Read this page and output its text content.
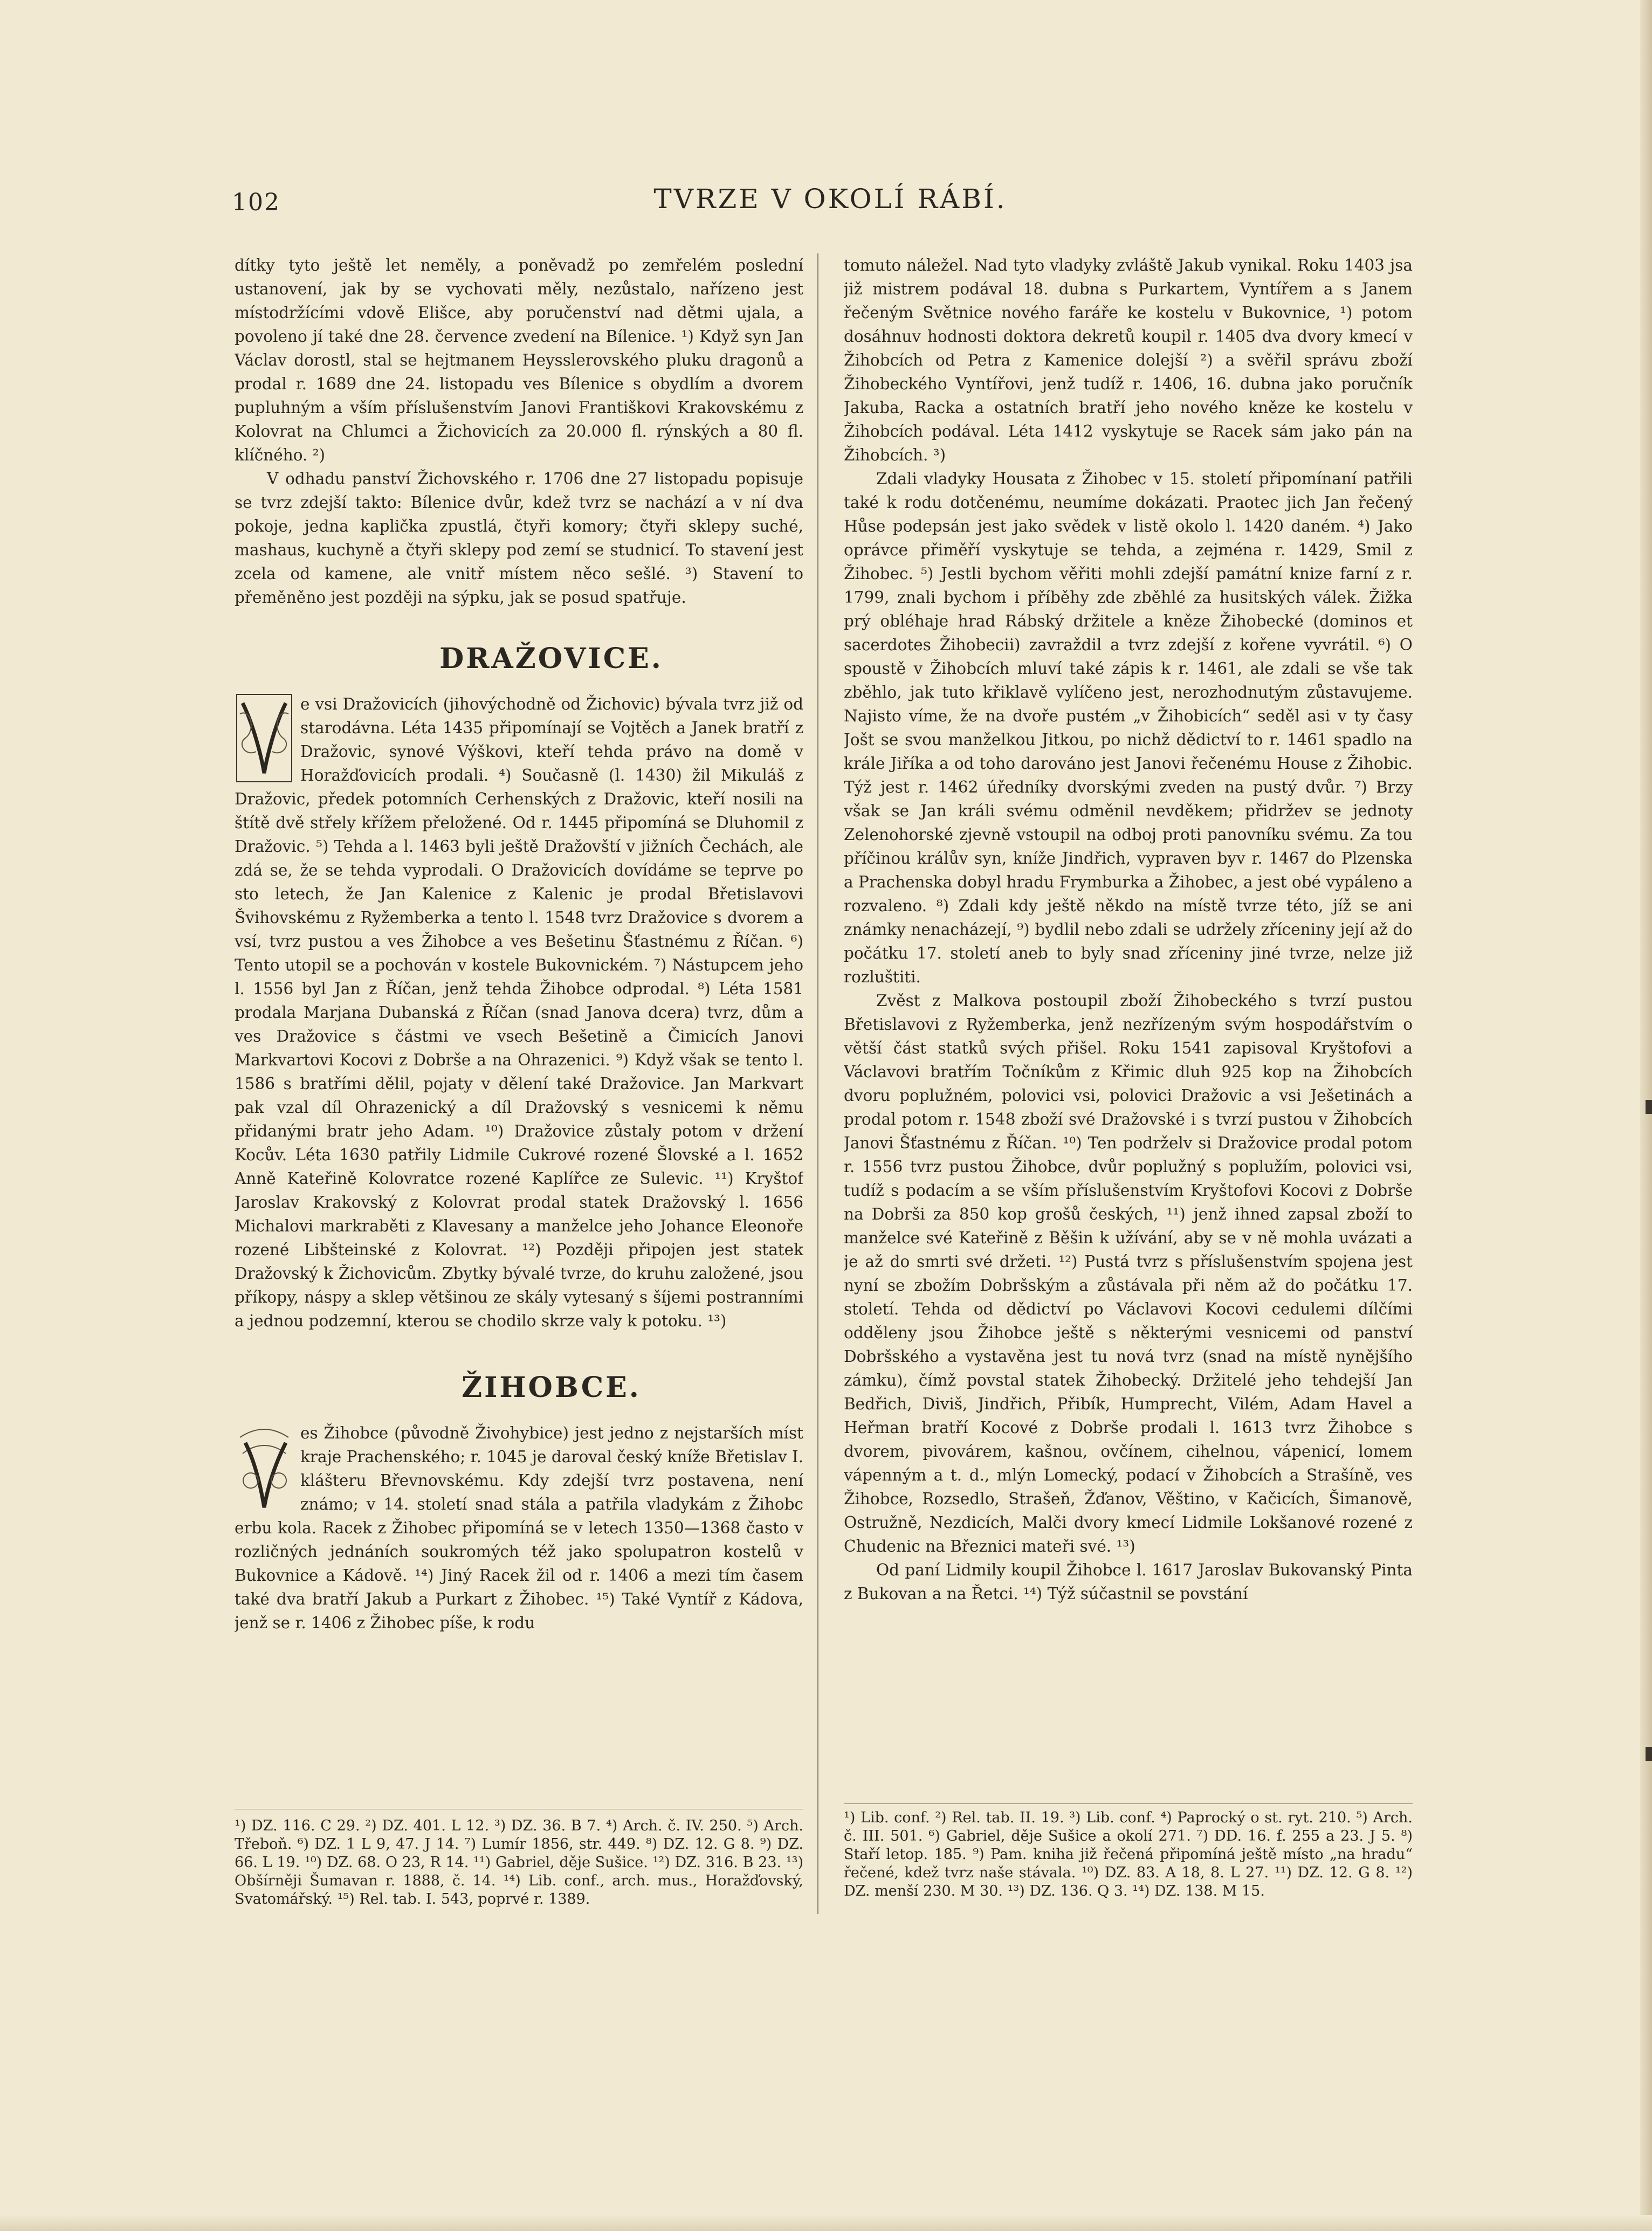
102	TVRZE V OKOLÍ RÁBÍ.

dítky tyto ještě let neměly, a poněvadž po zemřelém poslední ustanovení, jak by se vychovati měly, nezůstalo, nařízeno jest místodržícími vdově Elišce, aby poručenství nad dětmi ujala, a povoleno jí také dne 28. července zvedení na Bílenice. ¹) Když syn Jan Václav dorostl, stal se hejtmanem Heysslerovského pluku dragonů a prodal r. 1689 dne 24. listopadu ves Bílenice s obydlím a dvorem pupluhným a vším příslušenstvím Janovi Františkovi Krakovskému z Kolovrat na Chlumci a Žichovicích za 20.000 fl. rýnských a 80 fl. klíčného. ²)

V odhadu panství Žichovského r. 1706 dne 27 listopadu popisuje se tvrz zdejší takto: Bílenice dvůr, kdež tvrz se nachází a v ní dva pokoje, jedna kaplička zpustlá, čtyři komory; čtyři sklepy suché, mashaus, kuchyně a čtyři sklepy pod zemí se studnicí. To stavení jest zcela od kamene, ale vnitř místem něco sešlé. ³) Stavení to přeměněno jest později na sýpku, jak se posud spatřuje.

DRAŽOVICE.

V
e vsi Dražovicích (jihovýchodně od Žichovic) bývala tvrz již od starodávna. Léta 1435 připomínají se Vojtěch a Janek bratří z Dražovic, synové Výškovi, kteří tehda právo na domě v Horažďovicích prodali. ⁴) Současně (l. 1430) žil Mikuláš z Dražovic, předek potomních Cerhenských z Dražovic, kteří nosili na štítě dvě střely křížem přeložené. Od r. 1445 připomíná se Dluhomil z Dražovic. ⁵) Tehda a l. 1463 byli ještě Dražovští v jižních Čechách, ale zdá se, že se tehda vyprodali. O Dražovicích dovídáme se teprve po sto letech, že Jan Kalenice z Kalenic je prodal Břetislavovi Švihovskému z Ryžemberka a tento l. 1548 tvrz Dražovice s dvorem a vsí, tvrz pustou a ves Žihobce a ves Bešetinu Šťastnému z Říčan. ⁶) Tento utopil se a pochován v kostele Bukovnickém. ⁷) Nástupcem jeho l. 1556 byl Jan z Říčan, jenž tehda Žihobce odprodal. ⁸) Léta 1581 prodala Marjana Dubanská z Říčan (snad Janova dcera) tvrz, dům a ves Dražovice s částmi ve vsech Bešetině a Čimicích Janovi Markvartovi Kocovi z Dobrše a na Ohrazenici. ⁹) Když však se tento l. 1586 s bratřími dělil, pojaty v dělení také Dražovice. Jan Markvart pak vzal díl Ohrazenický a díl Dražovský s vesnicemi k němu přidanými bratr jeho Adam. ¹⁰) Dražovice zůstaly potom v držení Kocův. Léta 1630 patřily Lidmile Cukrové rozené Šlovské a l. 1652 Anně Kateřině Kolovratce rozené Kaplířce ze Sulevic. ¹¹) Kryštof Jaroslav Krakovský z Kolovrat prodal statek Dražovský l. 1656 Michalovi markraběti z Klavesany a manželce jeho Johance Eleonoře rozené Libšteinské z Kolovrat. ¹²) Později připojen jest statek Dražovský k Žichovicům. Zbytky bývalé tvrze, do kruhu založené, jsou příkopy, náspy a sklep většinou ze skály vytesaný s šíjemi postranními a jednou podzemní, kterou se chodilo skrze valy k potoku. ¹³)

ŽIHOBCE.

V
es Žihobce (původně Živohybice) jest jedno z nejstarších míst kraje Prachenského; r. 1045 je daroval český kníže Břetislav I. klášteru Břevnovskému. Kdy zdejší tvrz postavena, není známo; v 14. století snad stála a patřila vladykám z Žihobc erbu kola. Racek z Žihobec připomíná se v letech 1350—1368 často v rozličných jednáních soukromých též jako spolupatron kostelů v Bukovnice a Kádově. ¹⁴) Jiný Racek žil od r. 1406 a mezi tím časem také dva bratří Jakub a Purkart z Žihobec. ¹⁵) Také Vyntíř z Kádova, jenž se r. 1406 z Žihobec píše, k rodu

tomuto náležel. Nad tyto vladyky zvláště Jakub vynikal. Roku 1403 jsa již mistrem podával 18. dubna s Purkartem, Vyntířem a s Janem řečeným Světnice nového faráře ke kostelu v Bukovnice, ¹) potom dosáhnuv hodnosti doktora dekretů koupil r. 1405 dva dvory kmecí v Žihobcích od Petra z Kamenice dolejší ²) a svěřil správu zboží Žihobeckého Vyntířovi, jenž tudíž r. 1406, 16. dubna jako poručník Jakuba, Racka a ostatních bratří jeho nového kněze ke kostelu v Žihobcích podával. Léta 1412 vyskytuje se Racek sám jako pán na Žihobcích. ³)

Zdali vladyky Housata z Žihobec v 15. století připomínaní patřili také k rodu dotčenému, neumíme dokázati. Praotec jich Jan řečený Hůse podepsán jest jako svědek v listě okolo l. 1420 daném. ⁴) Jako oprávce přiměří vyskytuje se tehda, a zejména r. 1429, Smil z Žihobec. ⁵) Jestli bychom věřiti mohli zdejší památní knize farní z r. 1799, znali bychom i příběhy zde zběhlé za husitských válek. Žižka prý obléhaje hrad Rábský držitele a kněze Žihobecké (dominos et sacerdotes Žihobecii) zavraždil a tvrz zdejší z kořene vyvrátil. ⁶) O spoustě v Žihobcích mluví také zápis k r. 1461, ale zdali se vše tak zběhlo, jak tuto křiklavě vylíčeno jest, nerozhodnutým zůstavujeme. Najisto víme, že na dvoře pustém „v Žihobicích“ seděl asi v ty časy Jošt se svou manželkou Jitkou, po nichž dědictví to r. 1461 spadlo na krále Jiříka a od toho darováno jest Janovi řečenému House z Žihobic. Týž jest r. 1462 úředníky dvorskými zveden na pustý dvůr. ⁷) Brzy však se Jan králi svému odměnil nevděkem; přidržev se jednoty Zelenohorské zjevně vstoupil na odboj proti panovníku svému. Za tou příčinou králův syn, kníže Jindřich, vypraven byv r. 1467 do Plzenska a Prachenska dobyl hradu Frymburka a Žihobec, a jest obé vypáleno a rozvaleno. ⁸) Zdali kdy ještě někdo na místě tvrze této, jíž se ani známky nenacházejí, ⁹) bydlil nebo zdali se udržely zříceniny její až do počátku 17. století aneb to byly snad zříceniny jiné tvrze, nelze již rozluštiti.

Zvěst z Malkova postoupil zboží Žihobeckého s tvrzí pustou Břetislavovi z Ryžemberka, jenž nezřízeným svým hospodářstvím o větší část statků svých přišel. Roku 1541 zapisoval Kryštofovi a Václavovi bratřím Točníkům z Křimic dluh 925 kop na Žihobcích dvoru poplužném, polovici vsi, polovici Dražovic a vsi Ješetinách a prodal potom r. 1548 zboží své Dražovské i s tvrzí pustou v Žihobcích Janovi Šťastnému z Říčan. ¹⁰) Ten podrželv si Dražovice prodal potom r. 1556 tvrz pustou Žihobce, dvůr poplužný s poplužím, polovici vsi, tudíž s podacím a se vším příslušenstvím Kryštofovi Kocovi z Dobrše na Dobrši za 850 kop grošů českých, ¹¹) jenž ihned zapsal zboží to manželce své Kateřině z Běšin k užívání, aby se v ně mohla uvázati a je až do smrti své držeti. ¹²) Pustá tvrz s příslušenstvím spojena jest nyní se zbožím Dobršským a zůstávala při něm až do počátku 17. století. Tehda od dědictví po Václavovi Kocovi cedulemi dílčími odděleny jsou Žihobce ještě s některými vesnicemi od panství Dobršského a vystavěna jest tu nová tvrz (snad na místě nynějšího zámku), čímž povstal statek Žihobecký. Držitelé jeho tehdejší Jan Bedřich, Diviš, Jindřich, Přibík, Humprecht, Vilém, Adam Havel a Heřman bratří Kocové z Dobrše prodali l. 1613 tvrz Žihobce s dvorem, pivovárem, kašnou, ovčínem, cihelnou, vápenicí, lomem vápenným a t. d., mlýn Lomecký, podací v Žihobcích a Strašíně, ves Žihobce, Rozsedlo, Strašeň, Žďanov, Věštino, v Kačicích, Šimanově, Ostružně, Nezdicích, Malči dvory kmecí Lidmile Lokšanové rozené z Chudenic na Březnici mateři své. ¹³)

Od paní Lidmily koupil Žihobce l. 1617 Jaroslav Bukovanský Pinta z Bukovan a na Řetci. ¹⁴) Týž súčastnil se povstání

¹) DZ. 116. C 29. ²) DZ. 401. L 12. ³) DZ. 36. B 7. ⁴) Arch. č. IV. 250. ⁵) Arch. Třeboň. ⁶) DZ. 1 L 9, 47. J 14. ⁷) Lumír 1856, str. 449. ⁸) DZ. 12. G 8. ⁹) DZ. 66. L 19. ¹⁰) DZ. 68. O 23, R 14. ¹¹) Gabriel, děje Sušice. ¹²) DZ. 316. B 23. ¹³) Obšírněji Šumavan r. 1888, č. 14. ¹⁴) Lib. conf., arch. mus., Horažďovský, Svatomářský. ¹⁵) Rel. tab. I. 543, poprvé r. 1389.
¹) Lib. conf. ²) Rel. tab. II. 19. ³) Lib. conf. ⁴) Paprocký o st. ryt. 210. ⁵) Arch. č. III. 501. ⁶) Gabriel, děje Sušice a okolí 271. ⁷) DD. 16. f. 255 a 23. J 5. ⁸) Staří letop. 185. ⁹) Pam. kniha již řečená připomíná ještě místo „na hradu“ řečené, kdež tvrz naše stávala. ¹⁰) DZ. 83. A 18, 8. L 27. ¹¹) DZ. 12. G 8. ¹²) DZ. menší 230. M 30. ¹³) DZ. 136. Q 3. ¹⁴) DZ. 138. M 15.
